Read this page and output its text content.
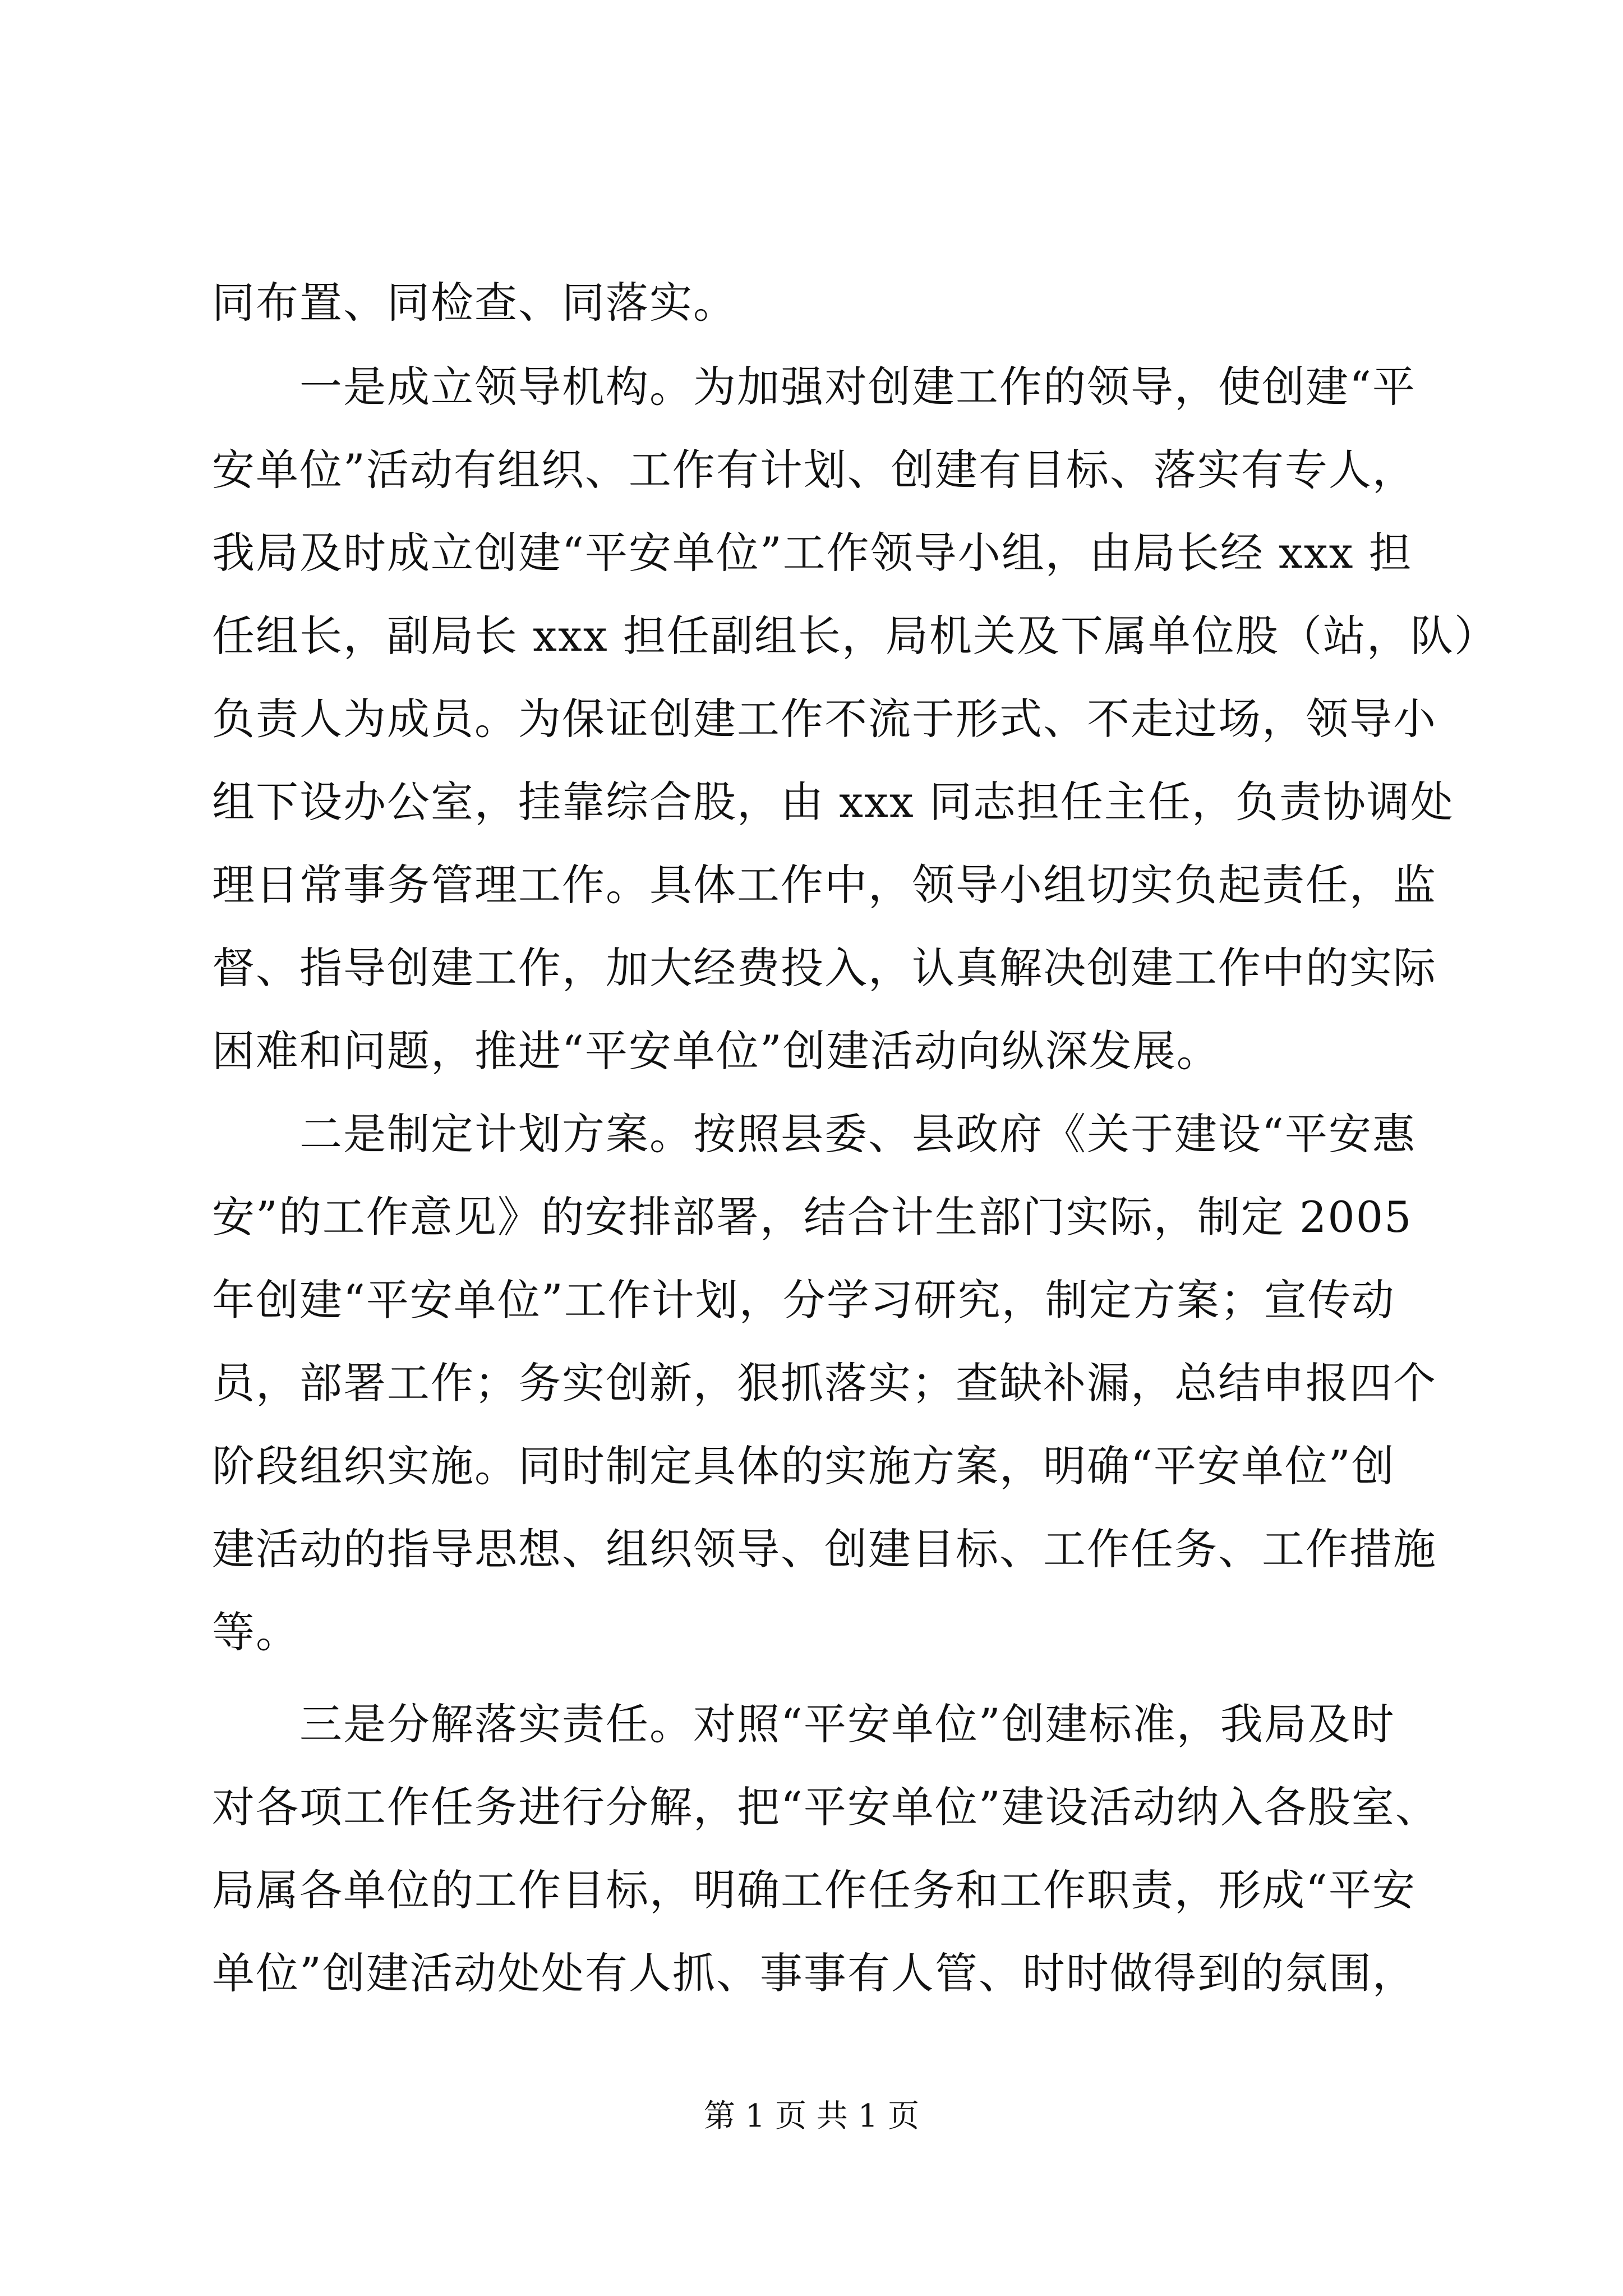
同布置、同检查、同落实。
　　一是成立领导机构。为加强对创建工作的领导，使创建“平
安单位”活动有组织、工作有计划、创建有目标、落实有专人，
我局及时成立创建“平安单位”工作领导小组，由局长经 xxx 担
任组长，副局长 xxx 担任副组长，局机关及下属单位股（站，队）
负责人为成员。为保证创建工作不流于形式、不走过场，领导小
组下设办公室，挂靠综合股，由 xxx 同志担任主任，负责协调处
理日常事务管理工作。具体工作中，领导小组切实负起责任，监
督、指导创建工作，加大经费投入，认真解决创建工作中的实际
困难和问题，推进“平安单位”创建活动向纵深发展。
　　二是制定计划方案。按照县委、县政府《关于建设“平安惠
安”的工作意见》的安排部署，结合计生部门实际，制定 2005
年创建“平安单位”工作计划，分学习研究，制定方案；宣传动
员，部署工作；务实创新，狠抓落实；查缺补漏，总结申报四个
阶段组织实施。同时制定具体的实施方案，明确“平安单位”创
建活动的指导思想、组织领导、创建目标、工作任务、工作措施
等。
　　三是分解落实责任。对照“平安单位”创建标准，我局及时
对各项工作任务进行分解，把“平安单位”建设活动纳入各股室、
局属各单位的工作目标，明确工作任务和工作职责，形成“平安
单位”创建活动处处有人抓、事事有人管、时时做得到的氛围，
第 1 页 共 1 页
